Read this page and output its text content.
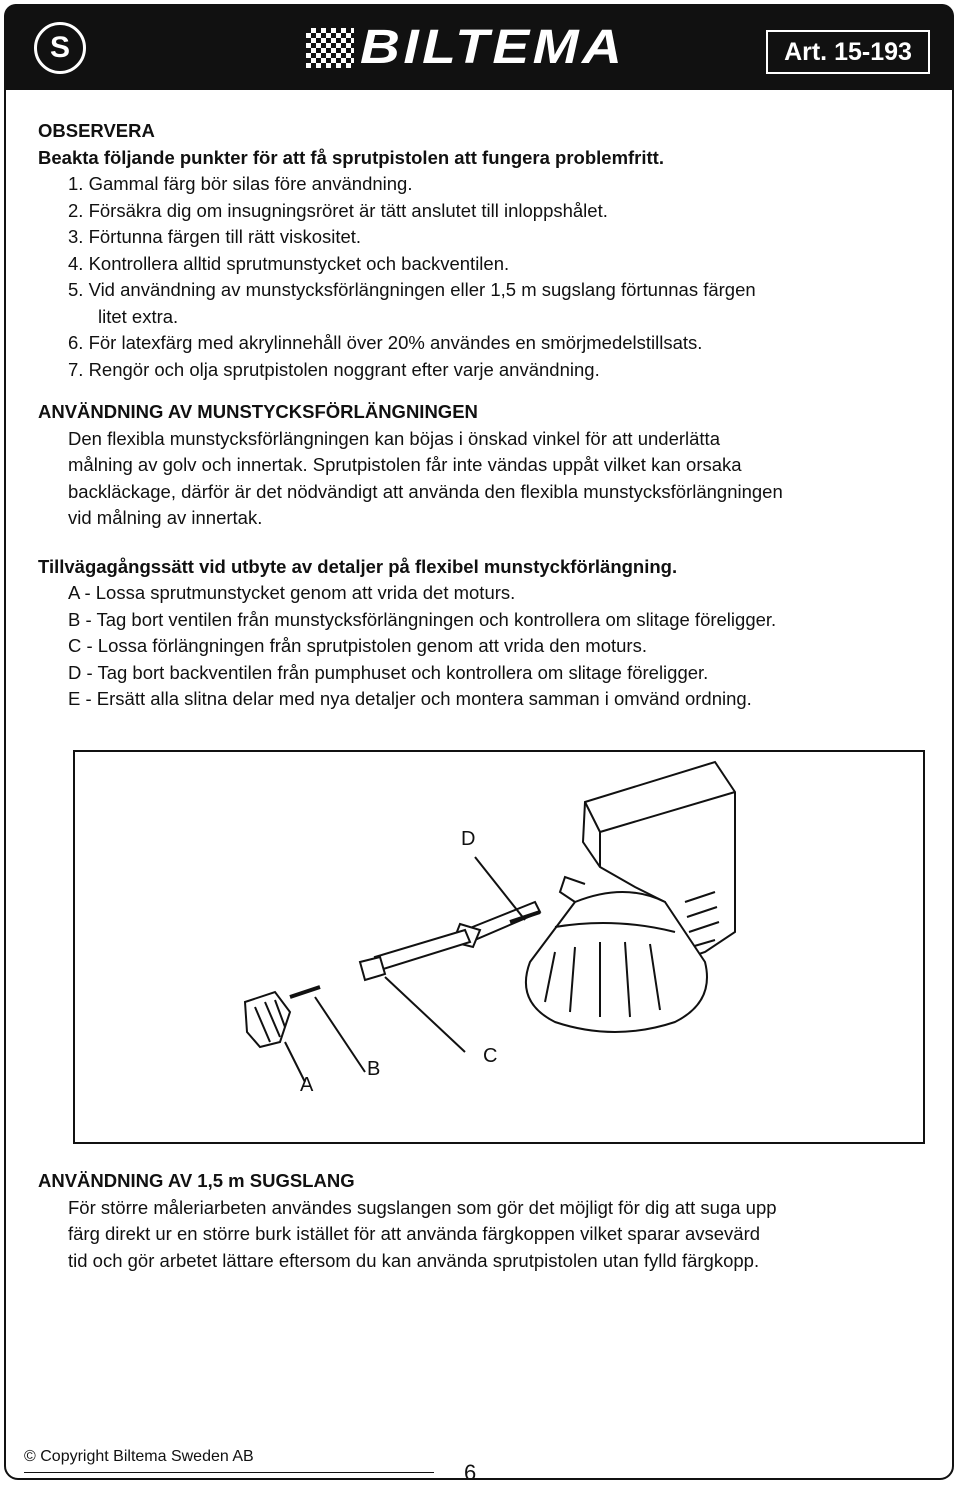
S	BILTEMA	Art. 15-193
OBSERVERA
Beakta följande punkter för att få sprutpistolen att fungera problemfritt.
1. Gammal färg bör silas före användning.
2. Försäkra dig om insugningsröret är tätt anslutet till inloppshålet.
3. Förtunna färgen till rätt viskositet.
4. Kontrollera alltid sprutmunstycket och backventilen.
5. Vid användning av munstycksförlängningen eller 1,5 m sugslang förtunnas färgen
litet extra.
6. För latexfärg med akrylinnehåll över 20% användes en smörjmedelstillsats.
7. Rengör och olja sprutpistolen noggrant efter varje användning.
ANVÄNDNING AV MUNSTYCKSFÖRLÄNGNINGEN
Den flexibla munstycksförlängningen kan böjas i önskad vinkel för att underlätta
målning av golv och innertak. Sprutpistolen får inte vändas uppåt vilket kan orsaka
backläckage, därför är det nödvändigt att använda den flexibla munstycksförlängningen
vid målning av innertak.
Tillvägagångssätt vid utbyte av detaljer på flexibel munstyckförlängning.
A - Lossa sprutmunstycket genom att vrida det moturs.
B - Tag bort ventilen från munstycksförlängningen och kontrollera om slitage föreligger.
C - Lossa förlängningen från sprutpistolen genom att vrida den moturs.
D - Tag bort backventilen från pumphuset och kontrollera om slitage föreligger.
E - Ersätt alla slitna delar med nya detaljer och montera samman i omvänd ordning.
A
B
C
D
ANVÄNDNING AV 1,5 m SUGSLANG
För större måleriarbeten användes sugslangen som gör det möjligt för dig att suga upp
färg direkt ur en större burk istället för att använda färgkoppen vilket sparar avsevärd
tid och gör arbetet lättare eftersom du kan använda sprutpistolen utan fylld färgkopp.
© Copyright Biltema Sweden AB
6
